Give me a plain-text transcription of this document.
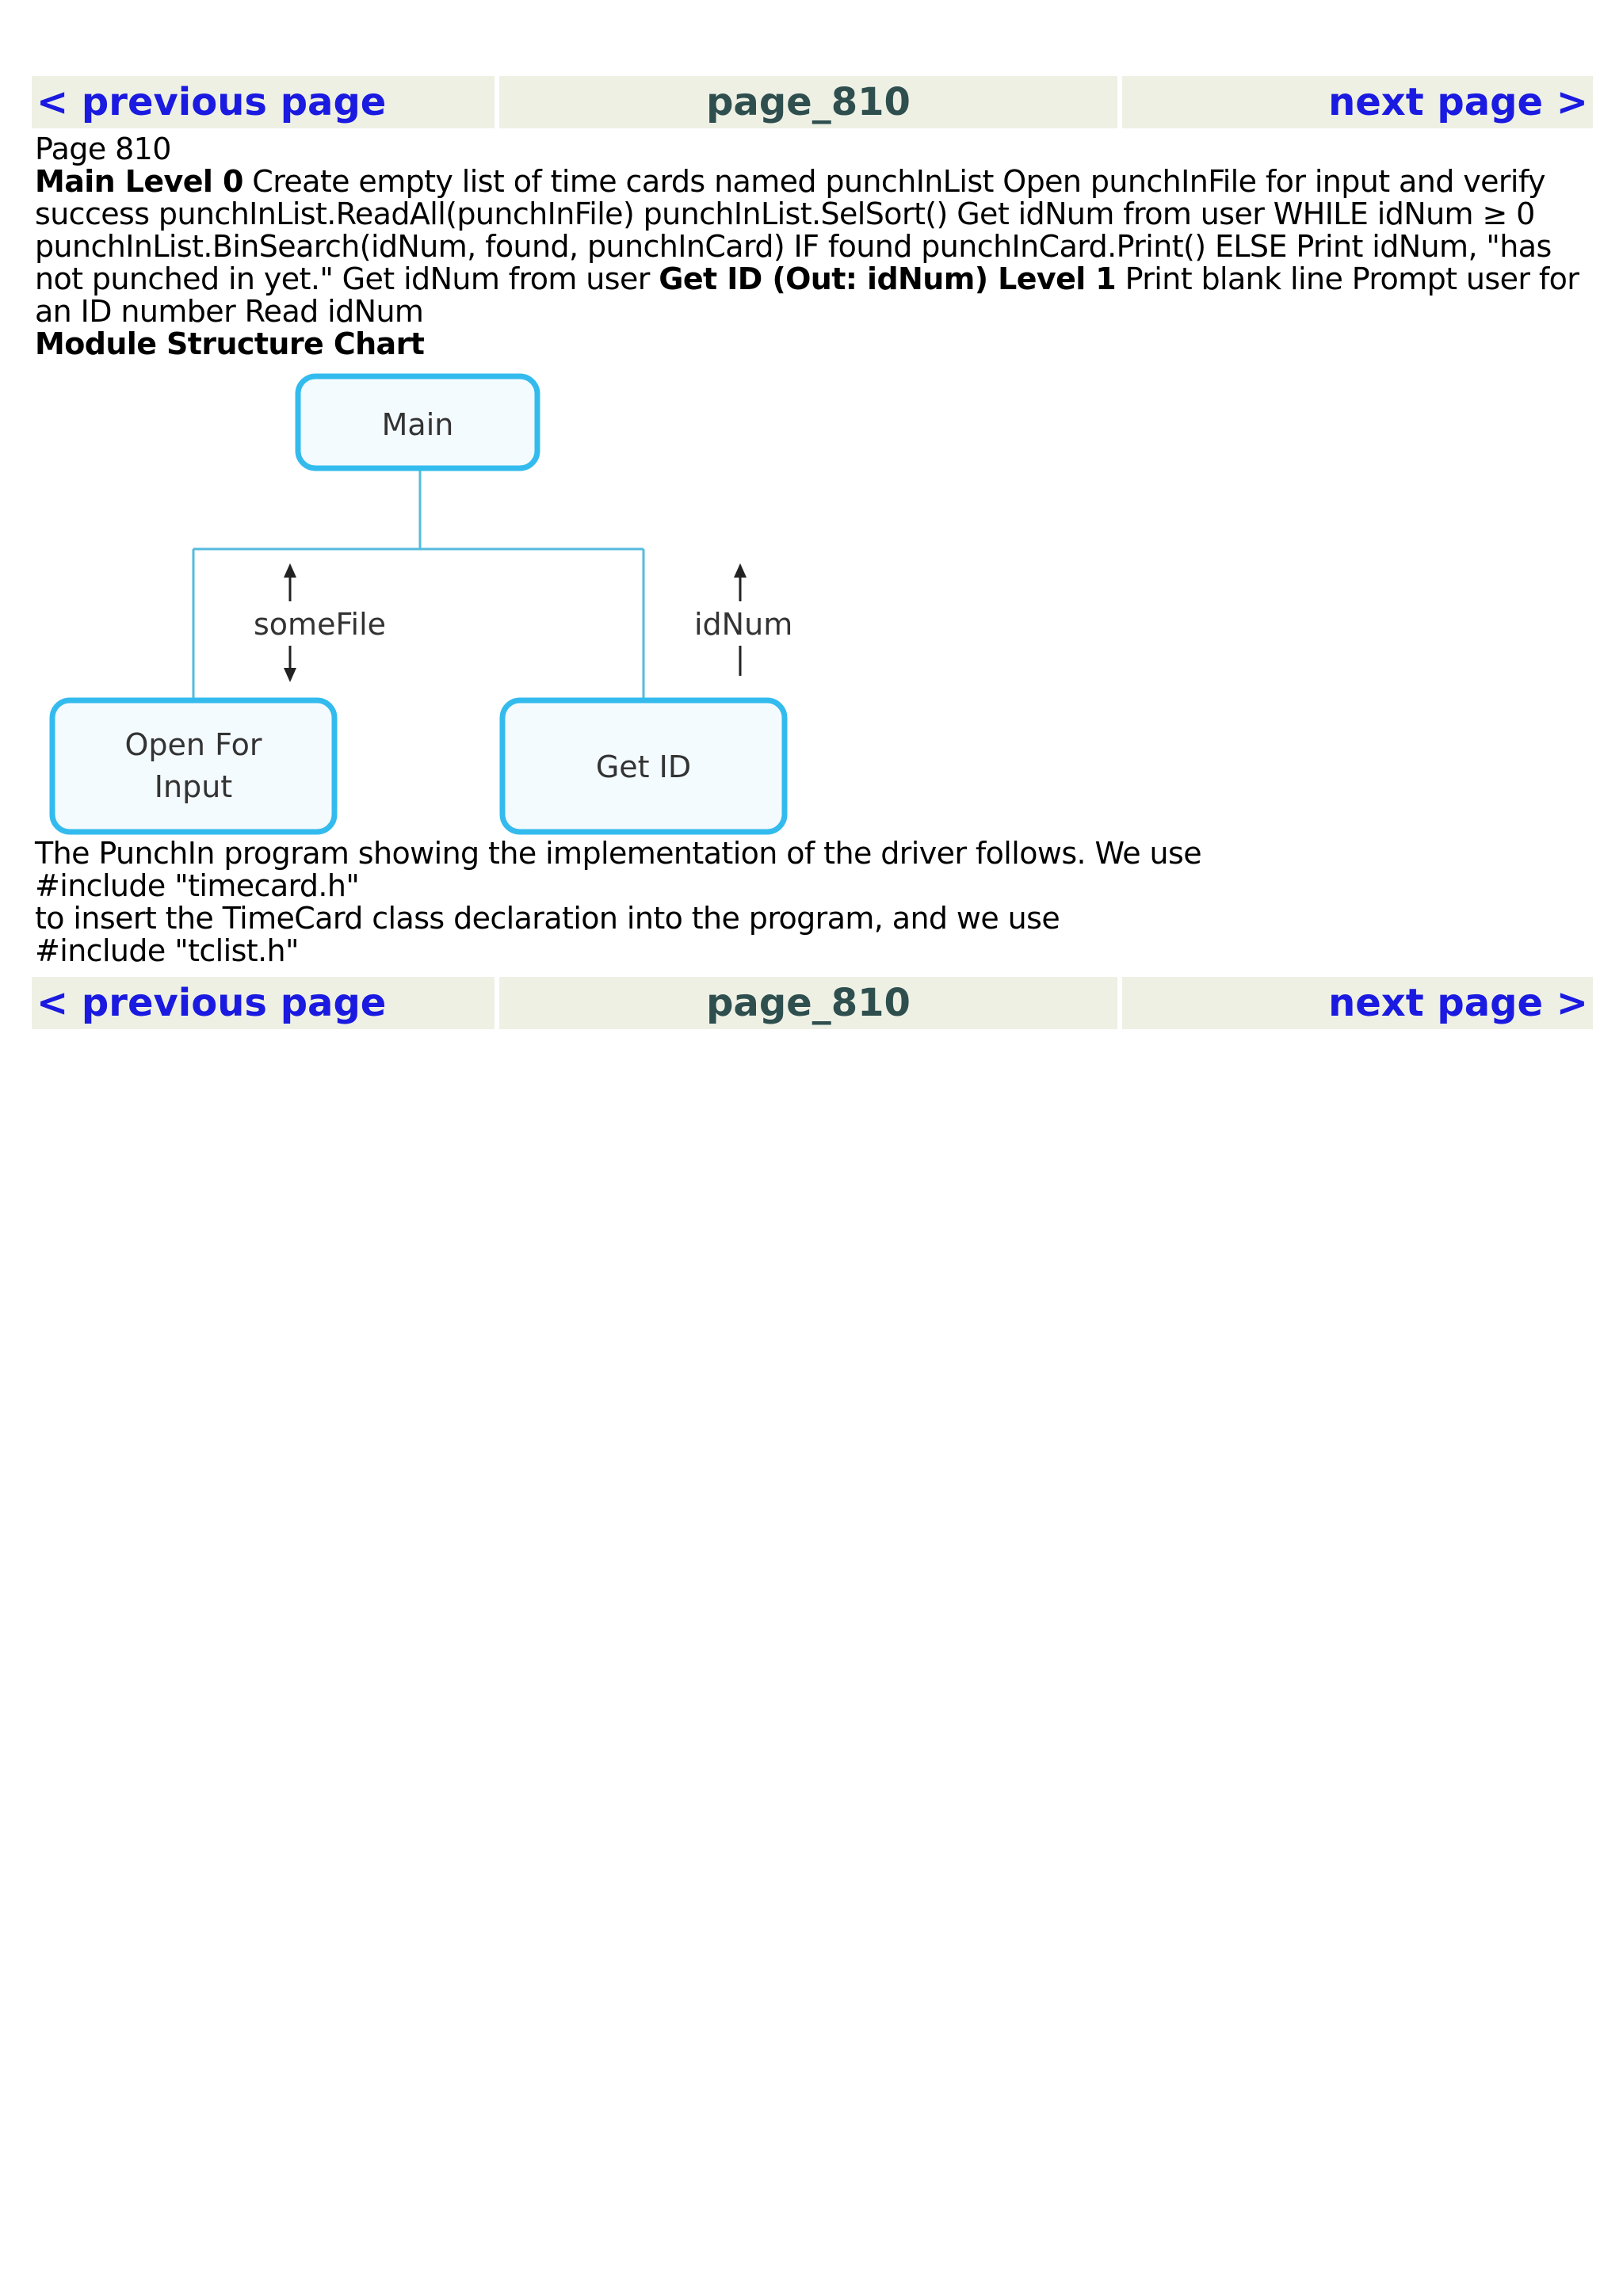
< previous page	page_810	next page >

Page 810

Main Level 0 Create empty list of time cards named punchInList Open punchInFile for input and verify success punchInList.ReadAll(punchInFile) punchInList.SelSort() Get idNum from user WHILE idNum ≥ 0 punchInList.BinSearch(idNum, found, punchInCard) IF found punchInCard.Print() ELSE Print idNum, "has not punched in yet." Get idNum from user Get ID (Out: idNum) Level 1 Print blank line Prompt user for an ID number Read idNum

Module Structure Chart

Main
Open For
Input
Get ID
someFile	idNum

The PunchIn program showing the implementation of the driver follows. We use

#include "timecard.h"

to insert the TimeCard class declaration into the program, and we use

#include "tclist.h"

< previous page	page_810	next page >
